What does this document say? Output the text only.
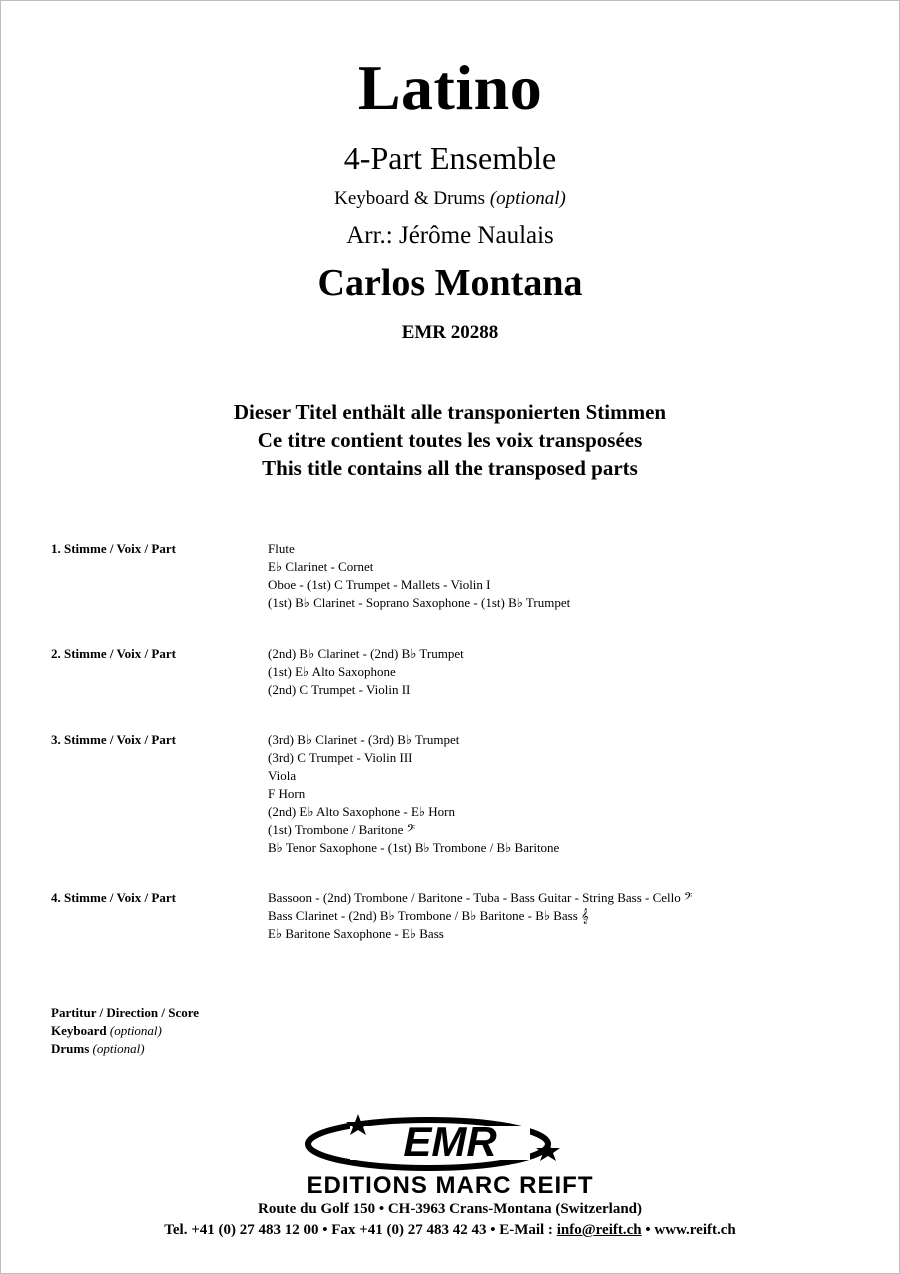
Latino
4-Part Ensemble
Keyboard & Drums (optional)
Arr.: Jérôme Naulais
Carlos Montana
EMR 20288
Dieser Titel enthält alle transponierten Stimmen
Ce titre contient toutes les voix transposées
This title contains all the transposed parts
1. Stimme / Voix / Part	Flute
E♭ Clarinet - Cornet
Oboe - (1st) C Trumpet - Mallets - Violin I
(1st) B♭ Clarinet - Soprano Saxophone - (1st) B♭ Trumpet
2. Stimme / Voix / Part	(2nd) B♭ Clarinet - (2nd) B♭ Trumpet
(1st) E♭ Alto Saxophone
(2nd) C Trumpet - Violin II
3. Stimme / Voix / Part	(3rd) B♭ Clarinet - (3rd) B♭ Trumpet
(3rd) C Trumpet - Violin III
Viola
F Horn
(2nd) E♭ Alto Saxophone - E♭ Horn
(1st) Trombone / Baritone 𝄢
B♭ Tenor Saxophone - (1st) B♭ Trombone / B♭ Baritone
4. Stimme / Voix / Part	Bassoon - (2nd) Trombone / Baritone - Tuba - Bass Guitar - String Bass - Cello 𝄢
Bass Clarinet - (2nd) B♭ Trombone / B♭ Baritone - B♭ Bass 𝄞
E♭ Baritone Saxophone - E♭ Bass
Partitur / Direction / Score
Keyboard (optional)
Drums (optional)
EMR
EDITIONS MARC REIFT
Route du Golf 150 • CH-3963 Crans-Montana (Switzerland)
Tel. +41 (0) 27 483 12 00 • Fax +41 (0) 27 483 42 43 • E-Mail : info@reift.ch • www.reift.ch
